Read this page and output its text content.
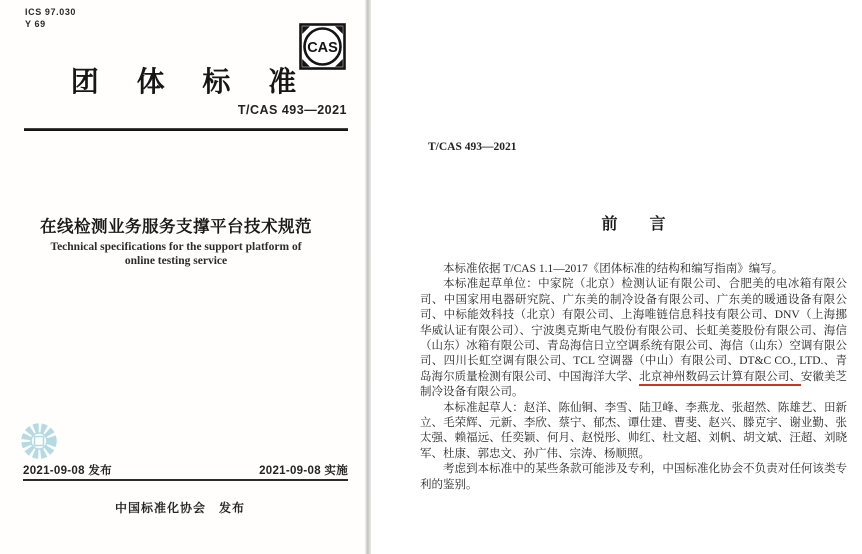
ICS 97.030
Y 69
CAS
团体标准
T/CAS 493—2021
在线检测业务服务支撑平台技术规范
Technical specifications for the support platform of
online testing service
2021-09-08 发布	2021-09-08 实施
中国标准化协会　发布
T/CAS 493—2021
前言

本标准依据 T/CAS 1.1—2017《团体标准的结构和编写指南》编写。

本标准起草单位：中家院（北京）检测认证有限公司、合肥美的电冰箱有限公司、中国家用电器研究院、广东美的制冷设备有限公司、广东美的暖通设备有限公司、中标能效科技（北京）有限公司、上海唯链信息科技有限公司、DNV（上海挪华威认证有限公司）、宁波奥克斯电气股份有限公司、长虹美菱股份有限公司、海信（山东）冰箱有限公司、青岛海信日立空调系统有限公司、海信（山东）空调有限公司、四川长虹空调有限公司、TCL 空调器（中山）有限公司、DT&C CO., LTD.、青岛海尔质量检测有限公司、中国海洋大学、北京神州数码云计算有限公司、安徽美芝制冷设备有限公司。

本标准起草人：赵洋、陈仙铜、李雪、陆卫峰、李燕龙、张超然、陈雄艺、田新立、毛荣辉、元新、李欣、蔡宁、郁杰、谭仕建、曹斐、赵兴、滕克宇、谢业勤、张太强、赖福远、任奕颖、何月、赵悦彤、帅红、杜文超、刘帆、胡文斌、汪超、刘晓军、杜康、郭忠文、孙广伟、宗涛、杨顺照。

考虑到本标准中的某些条款可能涉及专利，中国标准化协会不负责对任何该类专利的鉴别。
